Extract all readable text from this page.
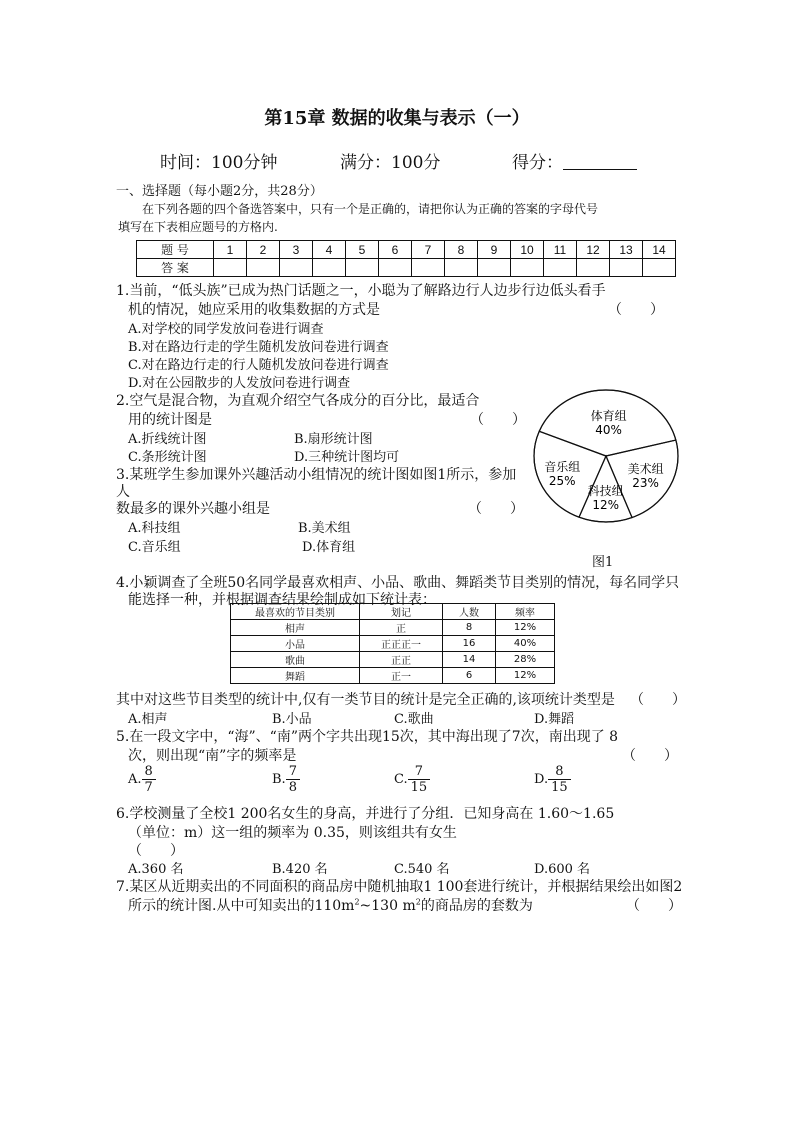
第15章 数据的收集与表示（一）
时间：100分钟	满分：100分	得分：
一、选择题（每小题2分，共28分）
在下列各题的四个备选答案中，只有一个是正确的，请把你认为正确的答案的字母代号
填写在下表相应题号的方格内.
题 号	1	2	3	4	5	6	7	8	9	10	11	12	13	14
答 案														
1.当前，“低头族”已成为热门话题之一，小聪为了解路边行人边步行边低头看手
机的情况，她应采用的收集数据的方式是	（　　）
A.对学校的同学发放问卷进行调查
B.对在路边行走的学生随机发放问卷进行调查
C.对在路边行走的行人随机发放问卷进行调查
D.对在公园散步的人发放问卷进行调查
2.空气是混合物，为直观介绍空气各成分的百分比，最适合
用的统计图是	（　　）
A.折线统计图	B.扇形统计图
C.条形统计图	D.三种统计图均可
3.某班学生参加课外兴趣活动小组情况的统计图如图1所示，参加
人
数最多的课外兴趣小组是	（　　）
A.科技组	B.美术组
C.音乐组	D.体育组
体育组
40%
美术组
23%
科技组
12%
音乐组
25%
图1
4.小颖调查了全班50名同学最喜欢相声、小品、歌曲、舞蹈类节目类别的情况，每名同学只
能选择一种，并根据调查结果绘制成如下统计表：
最喜欢的节目类别	划记	人数	频率
相声	正	8	12%
小品	正正正一	16	40%
歌曲	正正	14	28%
舞蹈	正一	6	12%
其中对这些节目类型的统计中,仅有一类节目的统计是完全正确的,该项统计类型是 （　　）
A.相声	B.小品	C.歌曲	D.舞蹈
5.在一段文字中，“海”、“南”两个字共出现15次，其中海出现了7次，南出现了 8
次，则出现“南”字的频率是	（　　）
A. $\frac{8}{7}$	B. $\frac{7}{8}$	C. $\frac{7}{15}$	D. $\frac{8}{15}$
6.学校测量了全校1 200名女生的身高，并进行了分组．已知身高在 1.60～1.65
（单位：m）这一组的频率为 0.35，则该组共有女生
（　　）
A.360 名	B.420 名	C.540 名	D.600 名
7.某区从近期卖出的不同面积的商品房中随机抽取1 100套进行统计，并根据结果绘出如图2
所示的统计图.从中可知卖出的$110m^2\sim 130$ $m^2$的商品房的套数为	（　　）
